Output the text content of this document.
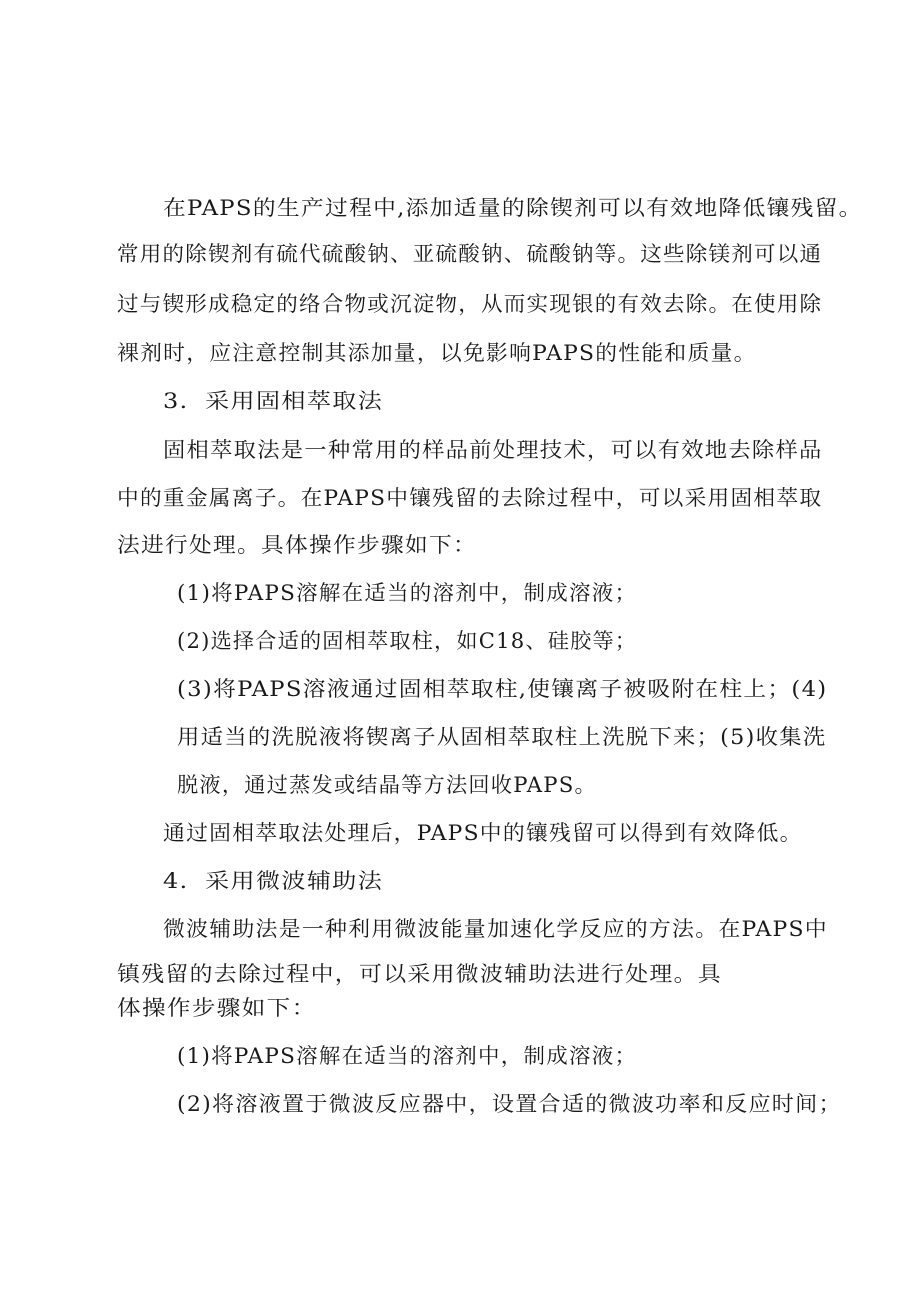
在PAPS的生产过程中,添加适量的除锲剂可以有效地降低镶残留。
常用的除锲剂有硫代硫酸钠、亚硫酸钠、硫酸钠等。这些除镁剂可以通
过与锲形成稳定的络合物或沉淀物，从而实现银的有效去除。在使用除
裸剂时，应注意控制其添加量，以免影响PAPS的性能和质量。
3．采用固相萃取法
固相萃取法是一种常用的样品前处理技术，可以有效地去除样品
中的重金属离子。在PAPS中镶残留的去除过程中，可以采用固相萃取
法进行处理。具体操作步骤如下：
(1)将PAPS溶解在适当的溶剂中，制成溶液；
(2)选择合适的固相萃取柱，如C18、硅胶等；
(3)将PAPS溶液通过固相萃取柱,使镶离子被吸附在柱上；(4)
用适当的洗脱液将锲离子从固相萃取柱上洗脱下来；(5)收集洗
脱液，通过蒸发或结晶等方法回收PAPS。
通过固相萃取法处理后，PAPS中的镶残留可以得到有效降低。
4．采用微波辅助法
微波辅助法是一种利用微波能量加速化学反应的方法。在PAPS中
镇残留的去除过程中，可以采用微波辅助法进行处理。具
体操作步骤如下：
(1)将PAPS溶解在适当的溶剂中，制成溶液；
(2)将溶液置于微波反应器中，设置合适的微波功率和反应时间；
